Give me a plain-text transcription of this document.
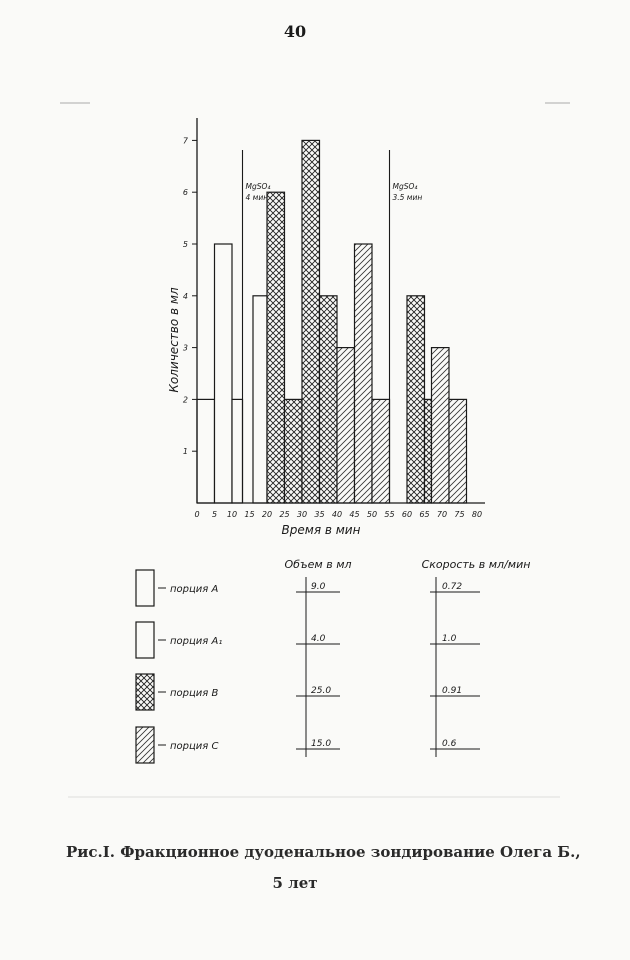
40
1
2
3
4
5
6
7
0 5 10 15 20 25 30 35 40 45 50 55 60 65 70 75 80
MgSO₄
4 мин
MgSO₄
3.5 мин
Количество в мл
Время в мин
Объем в мл	Скорость в мл/мин
порция A	9.0	0.72
порция A₁	4.0	1.0
порция B	25.0	0.91
порция C	15.0	0.6
Рис.I. Фракционное дуоденальное зондирование Олега Б.,
5 лет
